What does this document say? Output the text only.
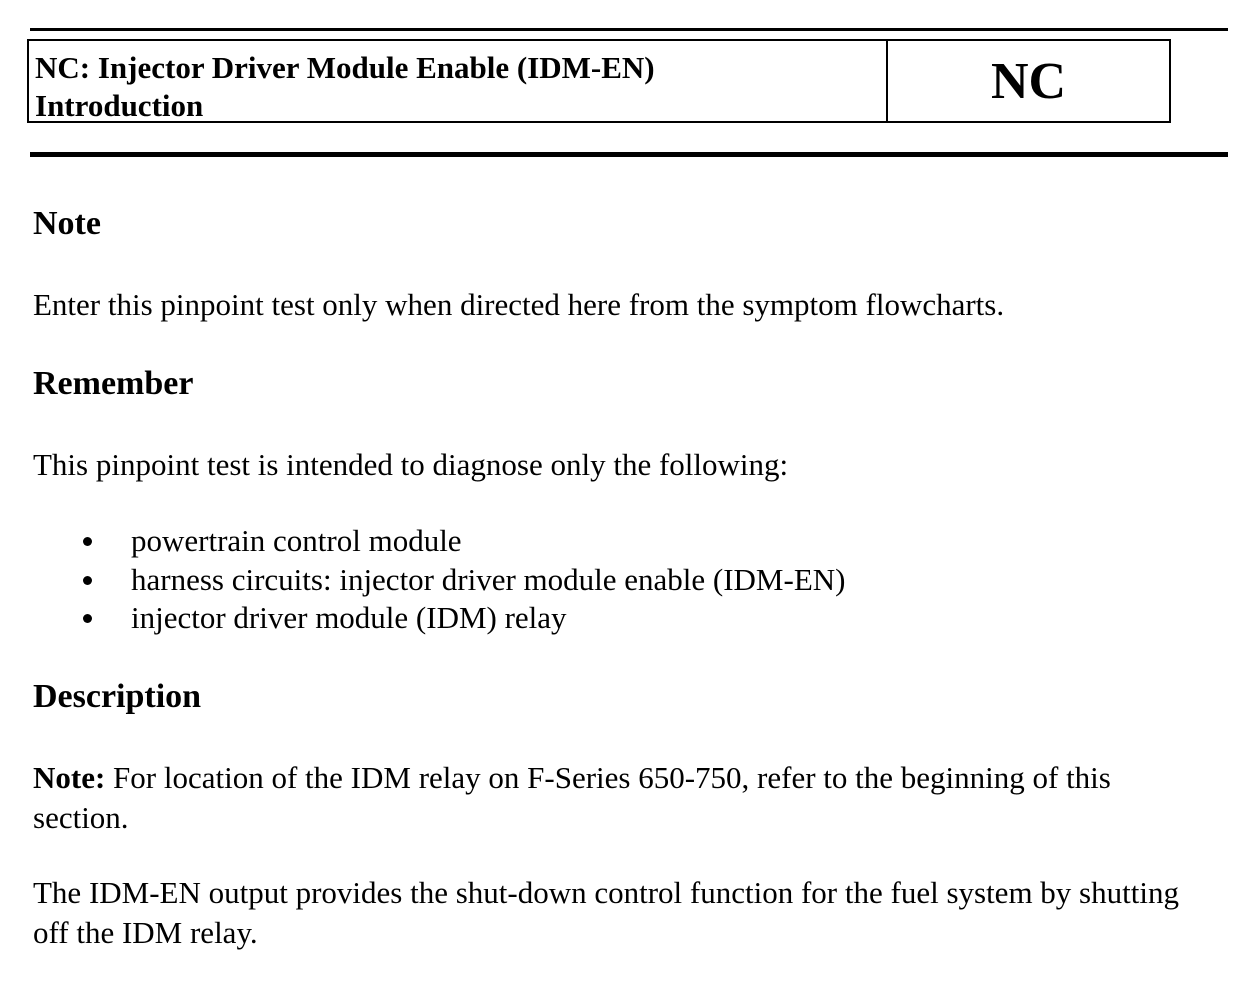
NC: Injector Driver Module Enable (IDM-EN)
Introduction	NC
Note

Enter this pinpoint test only when directed here from the symptom flowcharts.

Remember

This pinpoint test is intended to diagnose only the following:

powertrain control module
harness circuits: injector driver module enable (IDM-EN)
injector driver module (IDM) relay
Description

Note: For location of the IDM relay on F-Series 650-750, refer to the beginning of this section.

The IDM-EN output provides the shut-down control function for the fuel system by shutting off the IDM relay.
